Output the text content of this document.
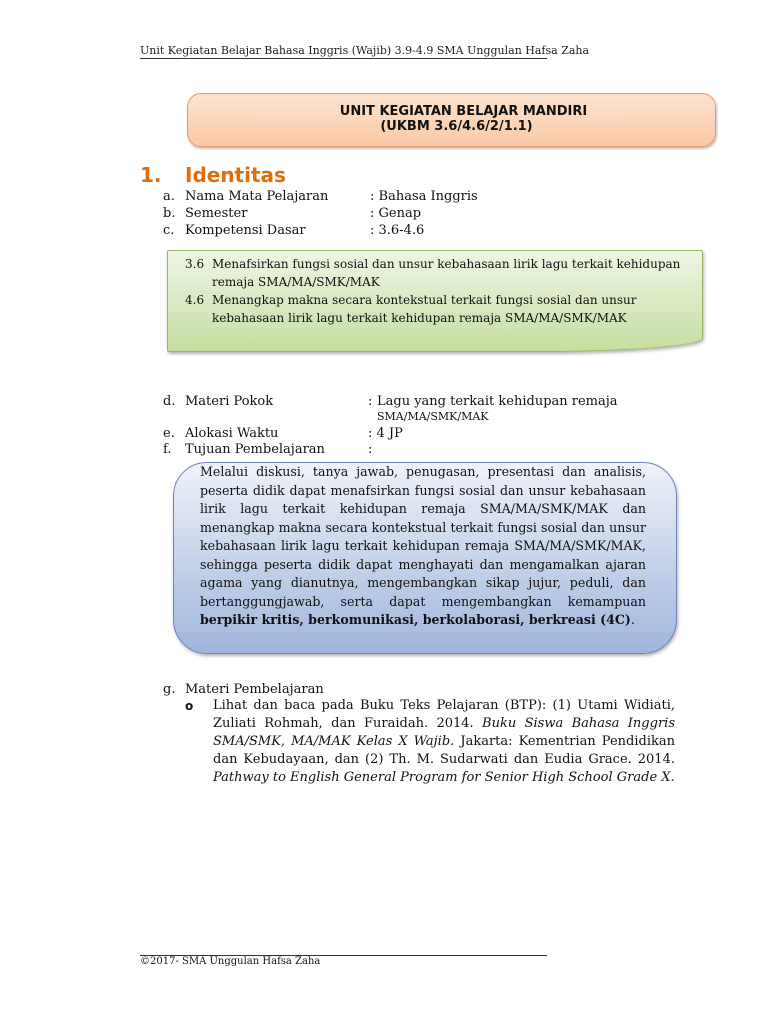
Unit Kegiatan Belajar Bahasa Inggris (Wajib) 3.9-4.9 SMA Unggulan Hafsa Zaha
UNIT KEGIATAN BELAJAR MANDIRI
(UKBM 3.6/4.6/2/1.1)
1. Identitas
a. Nama Mata Pelajaran	: Bahasa Inggris
b. Semester	: Genap
c. Kompetensi Dasar	: 3.6-4.6
3.6 Menafsirkan fungsi sosial dan unsur kebahasaan lirik lagu terkait kehidupan
remaja SMA/MA/SMK/MAK
4.6 Menangkap makna secara kontekstual terkait fungsi sosial dan unsur
kebahasaan lirik lagu terkait kehidupan remaja SMA/MA/SMK/MAK
d. Materi Pokok	: Lagu yang terkait kehidupan remaja
SMA/MA/SMK/MAK
e. Alokasi Waktu	: 4 JP
f. Tujuan Pembelajaran	:
Melalui diskusi, tanya jawab, penugasan, presentasi dan analisis, peserta didik dapat menafsirkan fungsi sosial dan unsur kebahasaan lirik lagu terkait kehidupan remaja SMA/MA/SMK/MAK dan menangkap makna secara kontekstual terkait fungsi sosial dan unsur kebahasaan lirik lagu terkait kehidupan remaja SMA/MA/SMK/MAK, sehingga peserta didik dapat menghayati dan mengamalkan ajaran agama yang dianutnya, mengembangkan sikap jujur, peduli, dan bertanggungjawab, serta dapat mengembangkan kemampuan berpikir kritis, berkomunikasi, berkolaborasi, berkreasi (4C).
g. Materi Pembelajaran
o Lihat dan baca pada Buku Teks Pelajaran (BTP): (1) Utami Widiati, Zuliati Rohmah, dan Furaidah. 2014. Buku Siswa Bahasa Inggris SMA/SMK, MA/MAK Kelas X Wajib. Jakarta: Kementrian Pendidikan dan Kebudayaan, dan (2) Th. M. Sudarwati dan Eudia Grace. 2014. Pathway to English General Program for Senior High School Grade X.
©2017- SMA Unggulan Hafsa Zaha
